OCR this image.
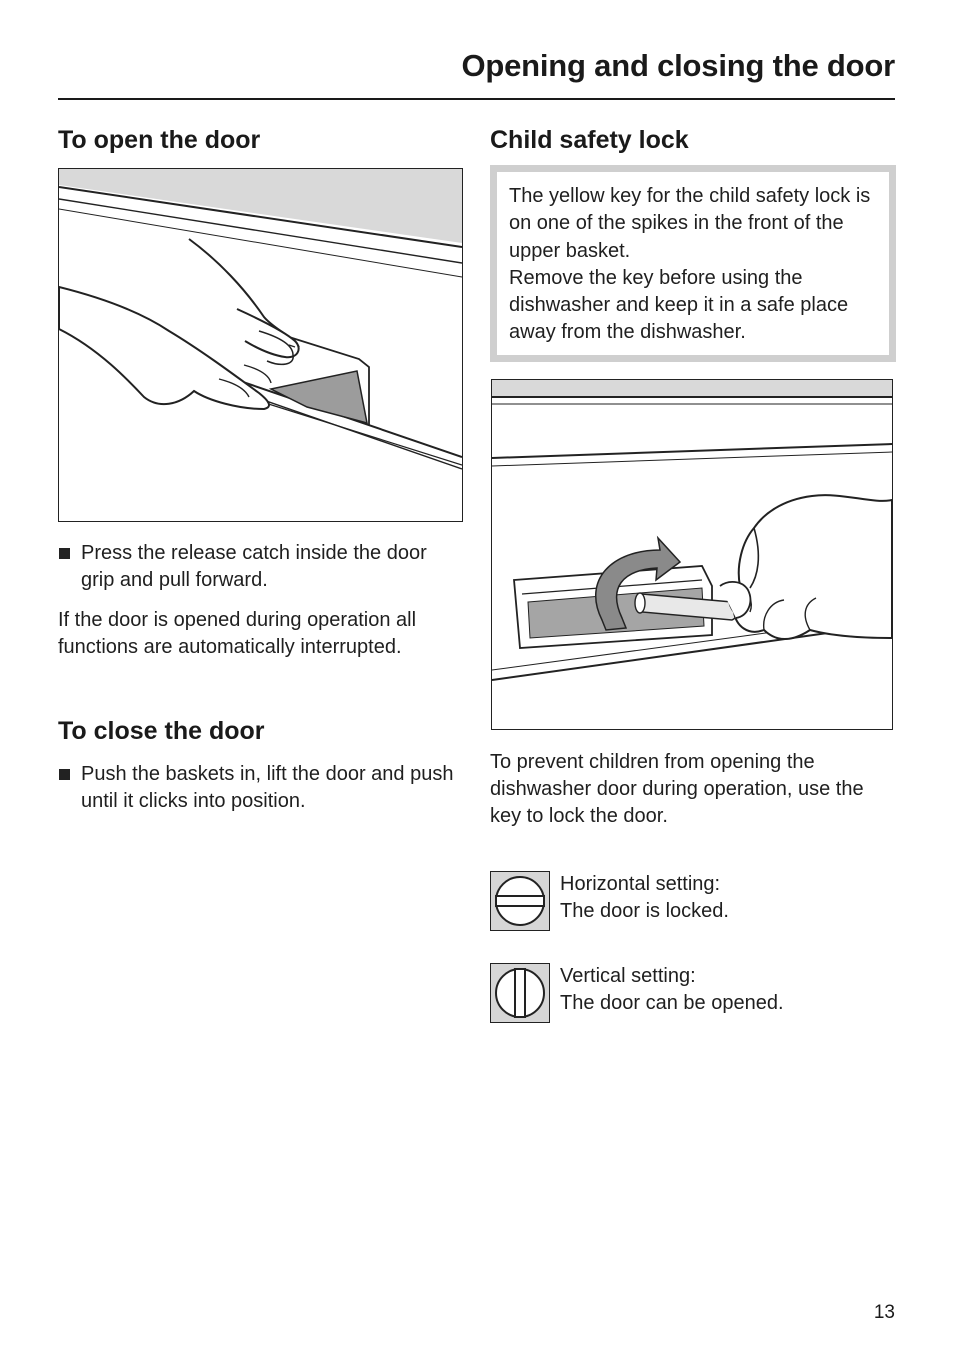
Opening and closing the door
To open the door

Press the release catch inside the door grip and pull forward.

If the door is opened during operation all functions are automatically interrupted.

To close the door

Push the baskets in, lift the door and push until it clicks into position.

Child safety lock

The yellow key for the child safety lock is on one of the spikes in the front of the upper basket.

Remove the key before using the dishwasher and keep it in a safe place away from the dishwasher.

To prevent children from opening the dishwasher door during operation, use the key to lock the door.

Horizontal setting:
The door is locked.
Vertical setting:
The door can be opened.
13
